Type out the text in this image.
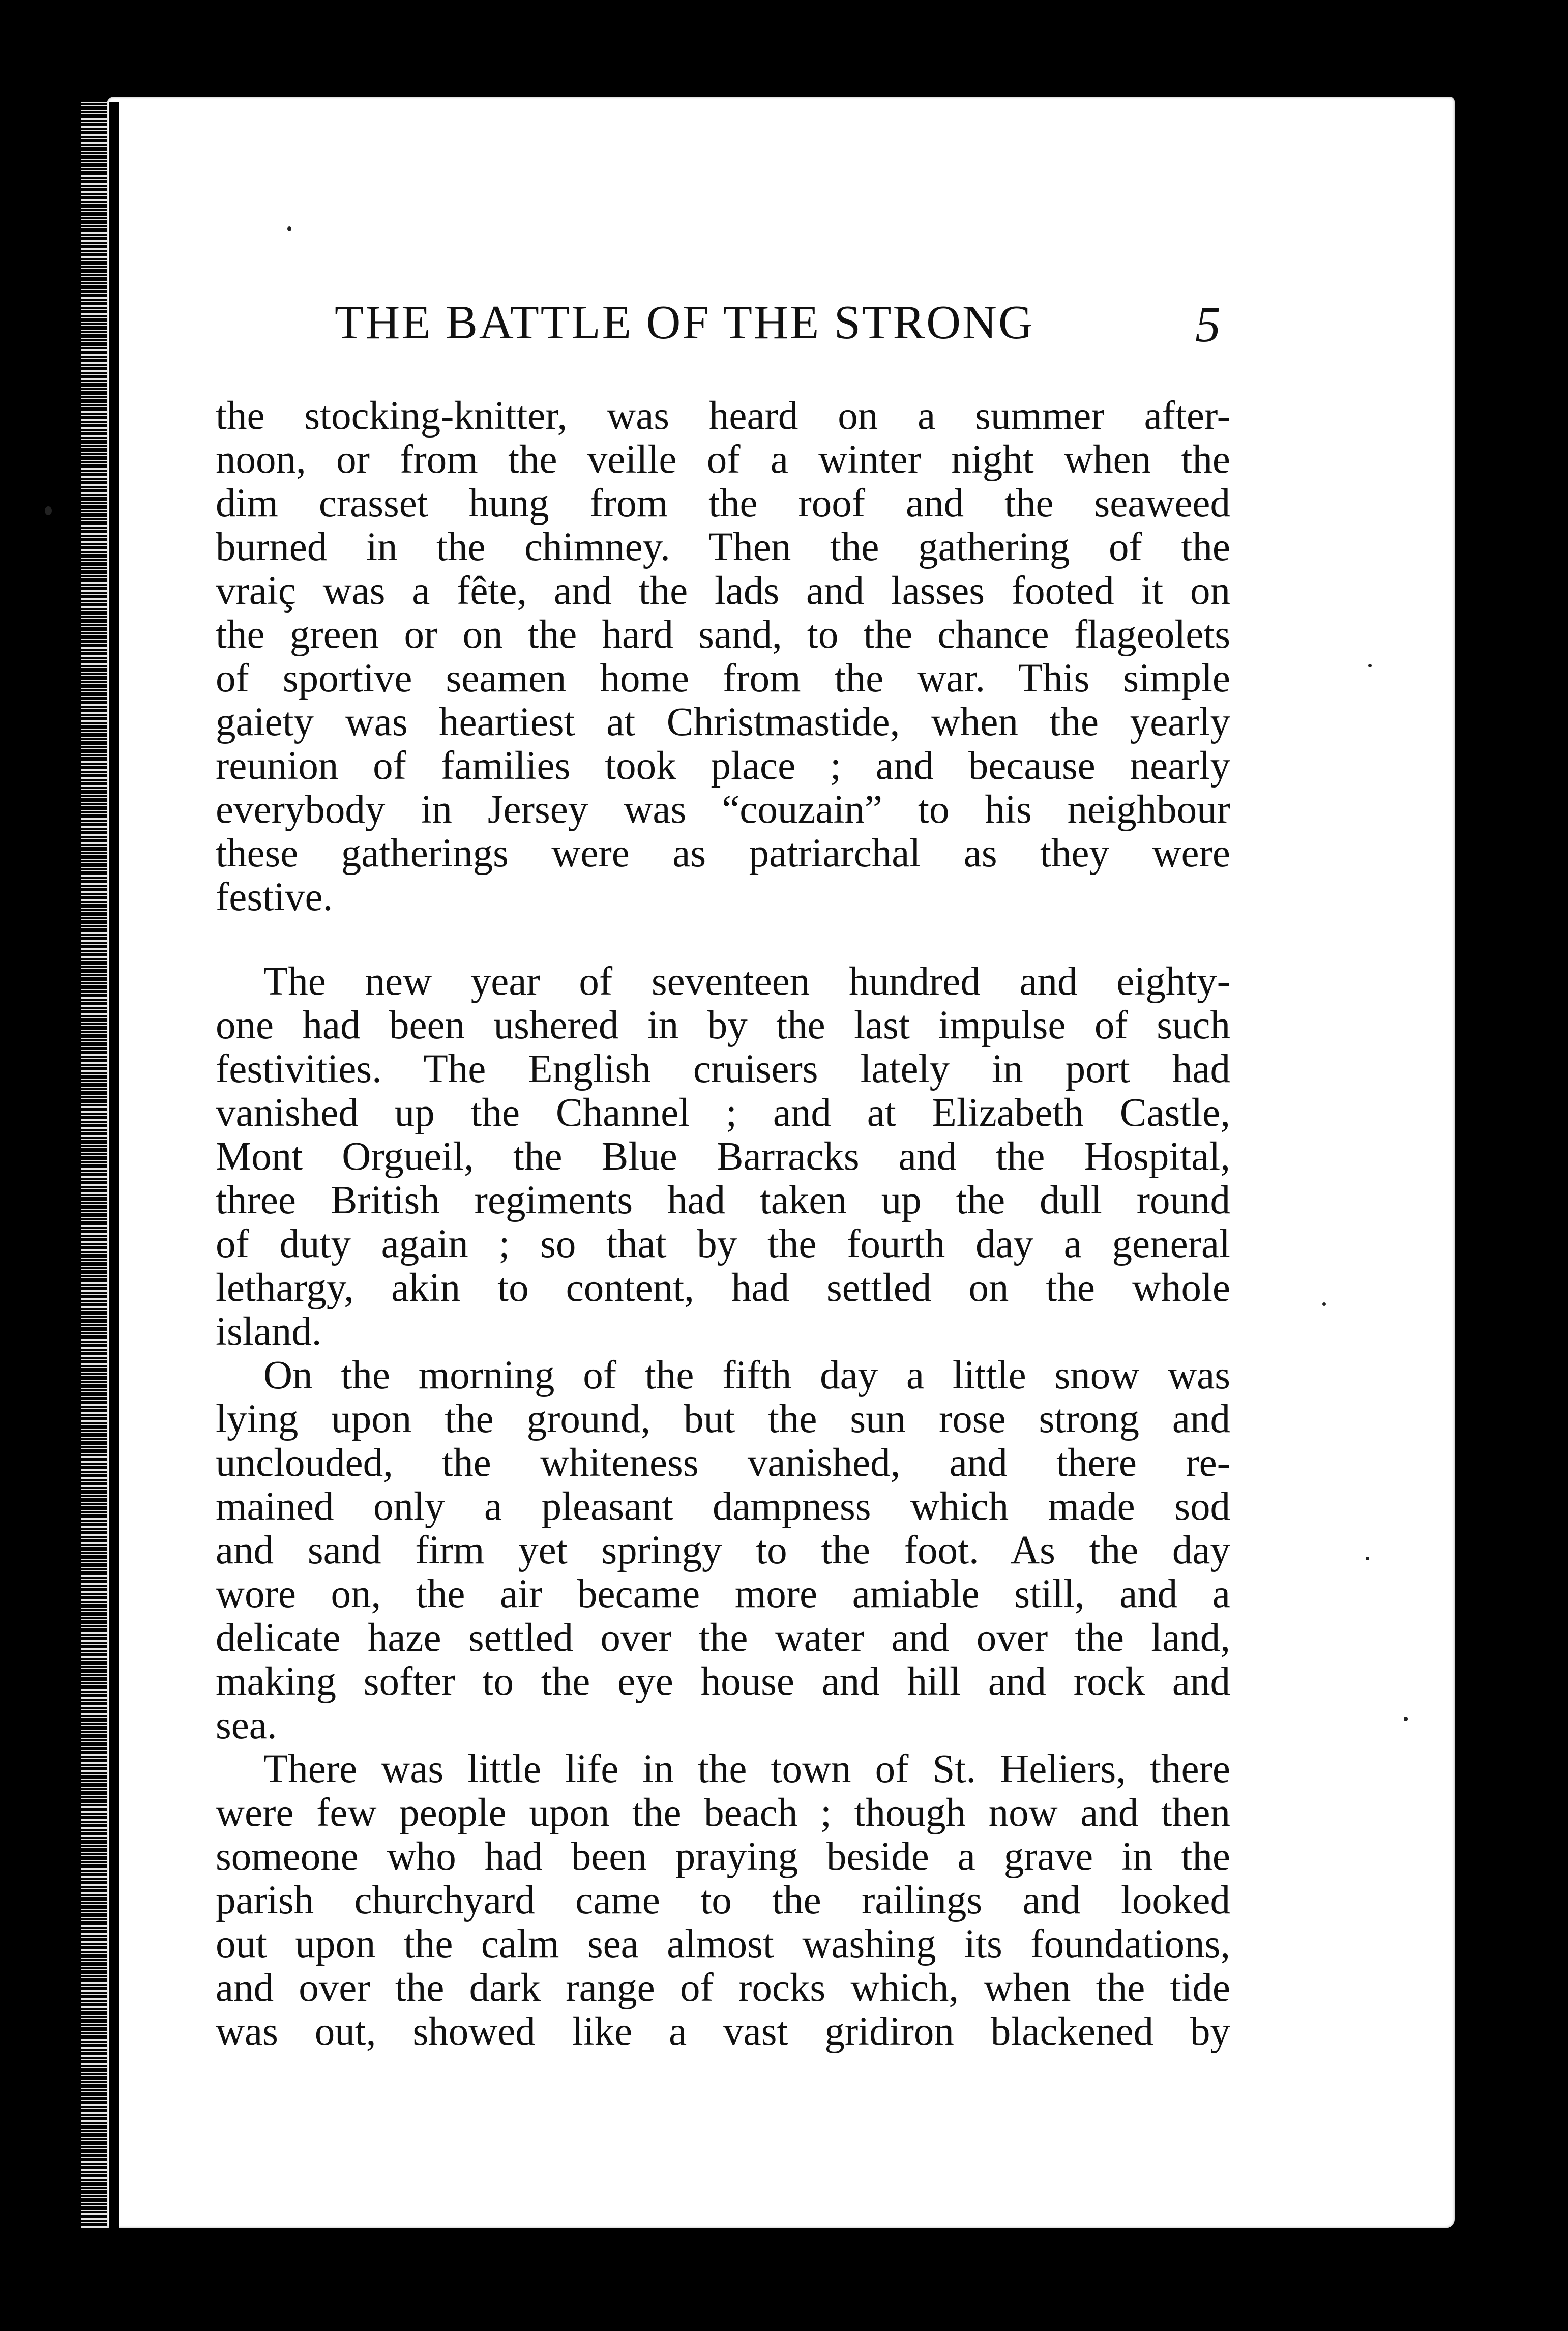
THE BATTLE OF THE STRONG	5
the stocking-knitter, was heard on a summer after-
noon, or from the veille of a winter night when the
dim crasset hung from the roof and the seaweed
burned in the chimney. Then the gathering of the
vraiç was a fête, and the lads and lasses footed it on
the green or on the hard sand, to the chance flageolets
of sportive seamen home from the war. This simple
gaiety was heartiest at Christmastide, when the yearly
reunion of families took place ; and because nearly
everybody in Jersey was “couzain” to his neighbour
these gatherings were as patriarchal as they were
festive.
The new year of seventeen hundred and eighty-
one had been ushered in by the last impulse of such
festivities. The English cruisers lately in port had
vanished up the Channel ; and at Elizabeth Castle,
Mont Orgueil, the Blue Barracks and the Hospital,
three British regiments had taken up the dull round
of duty again ; so that by the fourth day a general
lethargy, akin to content, had settled on the whole
island.
On the morning of the fifth day a little snow was
lying upon the ground, but the sun rose strong and
unclouded, the whiteness vanished, and there re-
mained only a pleasant dampness which made sod
and sand firm yet springy to the foot. As the day
wore on, the air became more amiable still, and a
delicate haze settled over the water and over the land,
making softer to the eye house and hill and rock and
sea.
There was little life in the town of St. Heliers, there
were few people upon the beach ; though now and then
someone who had been praying beside a grave in the
parish churchyard came to the railings and looked
out upon the calm sea almost washing its foundations,
and over the dark range of rocks which, when the tide
was out, showed like a vast gridiron blackened by
